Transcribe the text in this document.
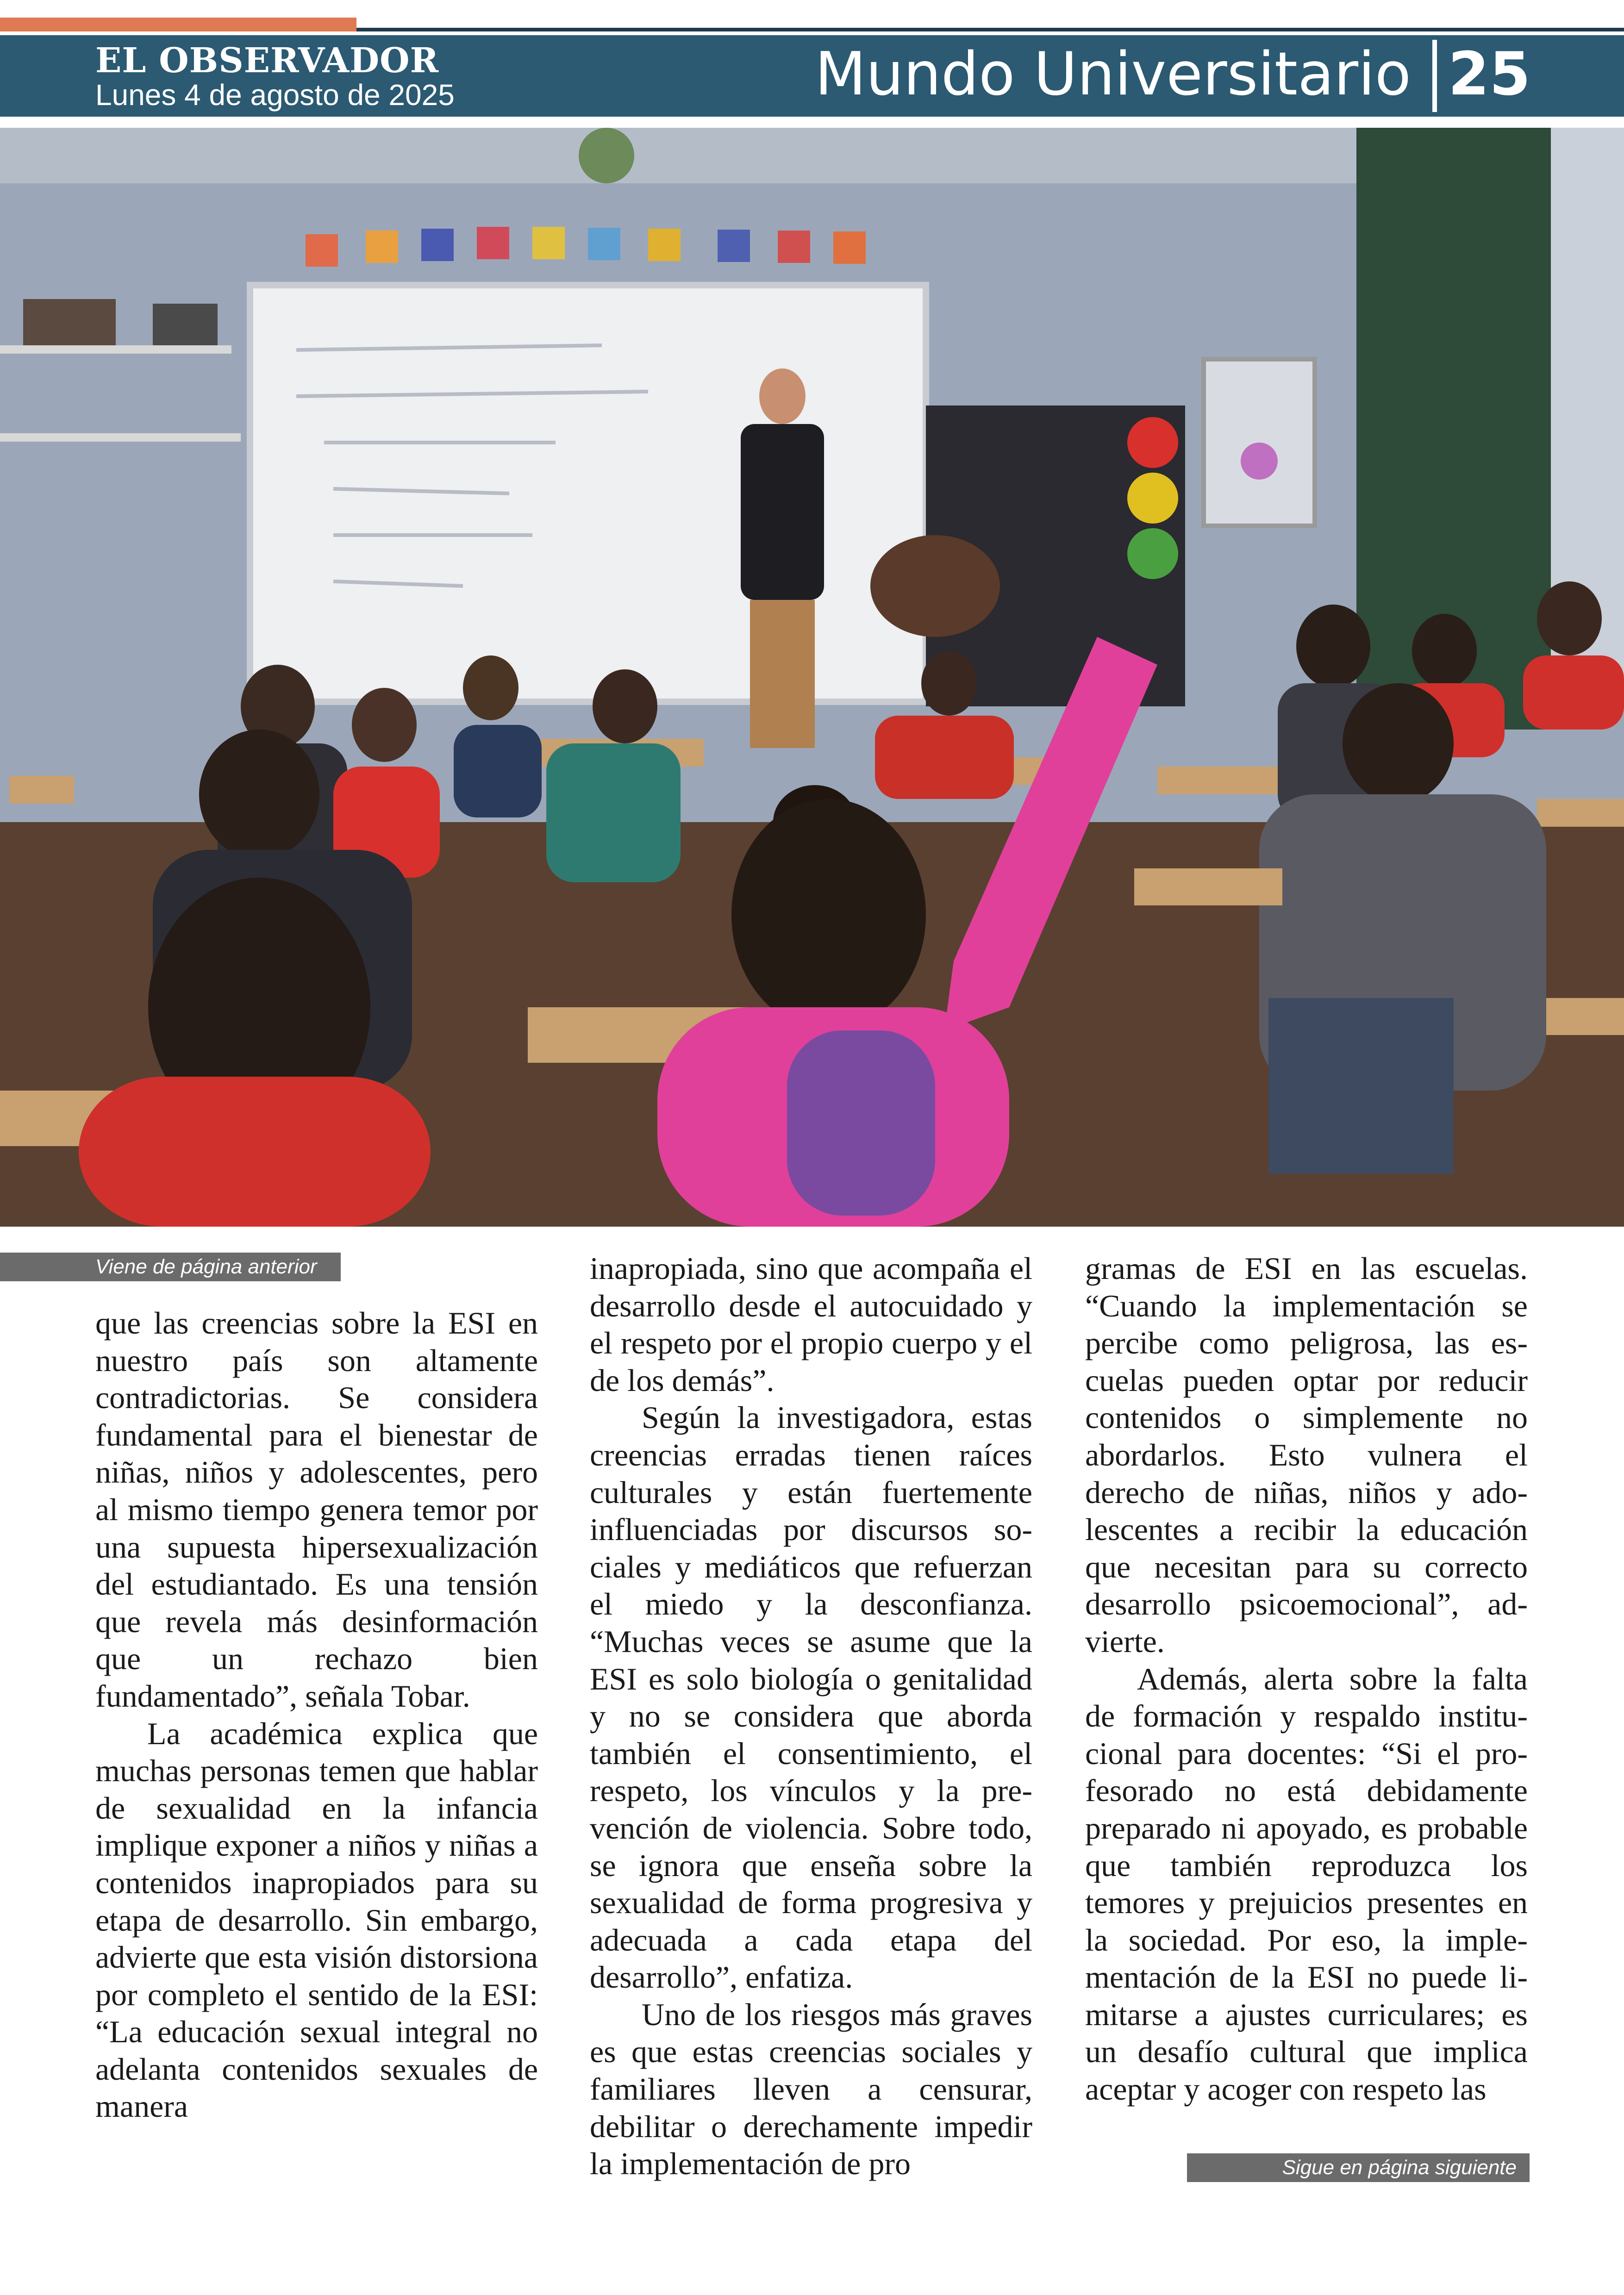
EL OBSERVADOR
Lunes 4 de agosto de 2025	Mundo Universitario 25
Viene de página anterior

que las creencias sobre la ESI en nuestro país son altamente contradictorias. Se considera fundamental para el bienestar de niñas, niños y adolescentes, pero al mismo tiempo genera temor por una supuesta hipersexualización del estudiantado. Es una tensión que revela más desinformación que un rechazo bien fundamentado”, señala Tobar.

La académica explica que muchas personas temen que hablar de sexualidad en la infancia implique exponer a niños y niñas a contenidos inapropiados para su etapa de desarrollo. Sin embargo, advierte que esta visión distorsiona por completo el sentido de la ESI: “La educación sexual integral no adelanta contenidos sexuales de manera

inapropiada, sino que acompaña el desarrollo desde el autocuidado y el respeto por el propio cuerpo y el de los demás”.

Según la investigadora, estas creencias erradas tienen raíces culturales y están fuertemente influenciadas por discursos sociales y mediáticos que refuerzan el miedo y la desconfianza. “Muchas veces se asume que la ESI es solo biología o genitalidad y no se considera que aborda también el consentimiento, el respeto, los vínculos y la prevención de violencia. Sobre todo, se ignora que enseña sobre la sexualidad de forma progresiva y adecuada a cada etapa del desarrollo”, enfatiza.

Uno de los riesgos más graves es que estas creencias sociales y familiares lleven a censurar, debilitar o derechamente impedir la implementación de pro

gramas de ESI en las escuelas. “Cuando la implementación se percibe como peligrosa, las escuelas pueden optar por reducir contenidos o simplemente no abordarlos. Esto vulnera el derecho de niñas, niños y adolescentes a recibir la educación que necesitan para su correcto desarrollo psicoemocional”, advierte.

Además, alerta sobre la falta de formación y respaldo institucional para docentes: “Si el profesorado no está debidamente preparado ni apoyado, es probable que también reproduzca los temores y prejuicios presentes en la sociedad. Por eso, la implementación de la ESI no puede limitarse a ajustes curriculares; es un desafío cultural que implica aceptar y acoger con respeto las

Sigue en página siguiente
